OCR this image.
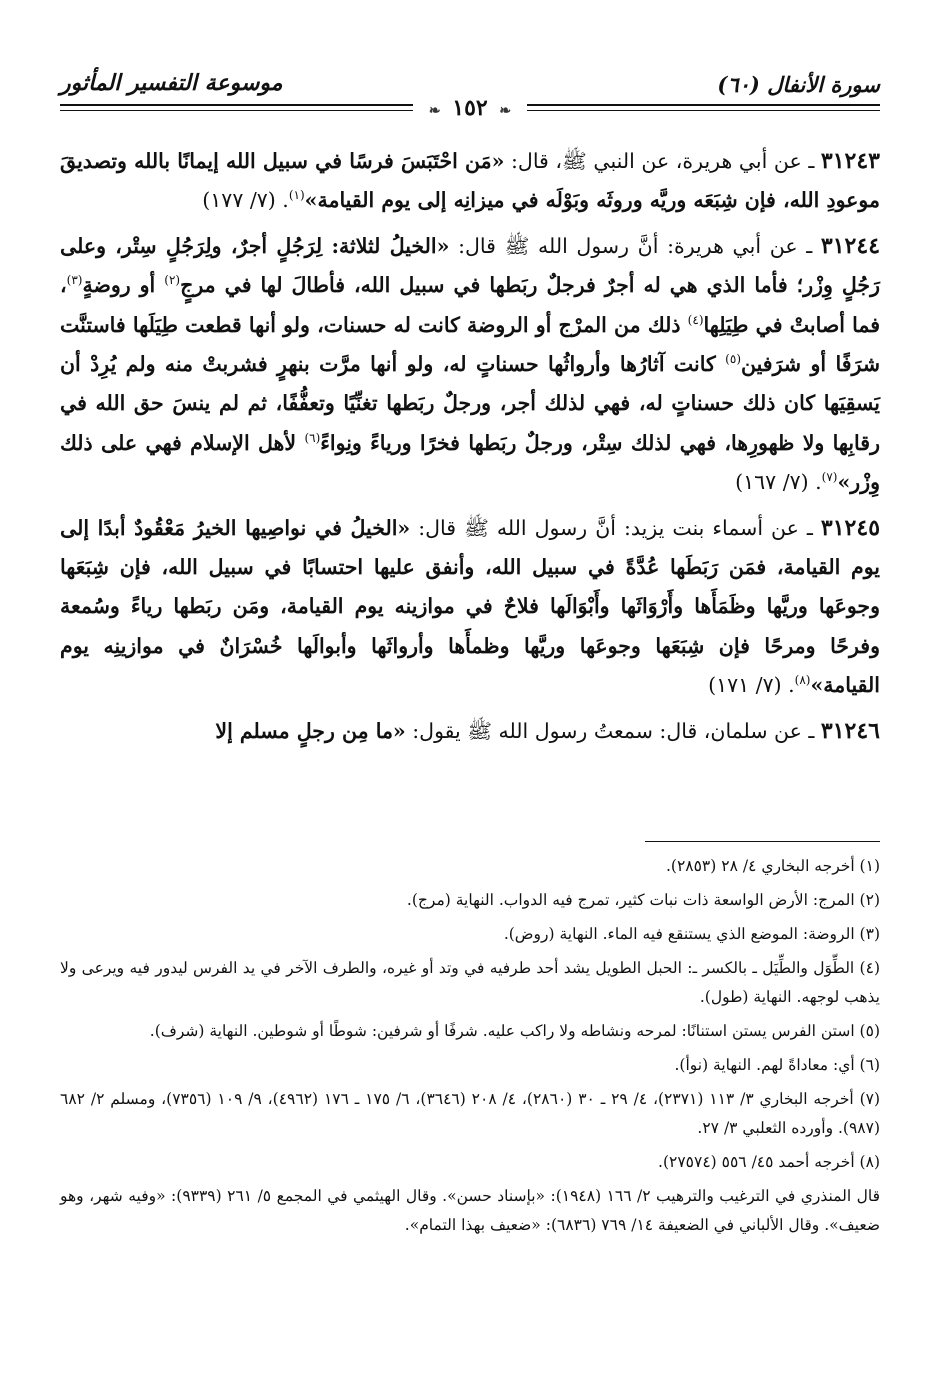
سورة الأنفال (٦٠)
موسوعة التفسير المأثور
❧ ١٥٢ ❧

٣١٢٤٣ ـ عن أبي هريرة، عن النبي ﷺ، قال: «مَن احْتَبَسَ فرسًا في سبيل الله إيمانًا بالله وتصديقَ موعودِ الله، فإن شِبَعَه وريَّه وروثَه وبَوْلَه في ميزانِه إلى يوم القيامة»$^{(١)}$. (٧/ ١٧٧)

٣١٢٤٤ ـ عن أبي هريرة: أنَّ رسول الله ﷺ قال: «الخيلُ لثلاثة: لِرَجُلٍ أجرٌ، ولِرَجُلٍ سِتْر، وعلى رَجُلٍ وِزْر؛ فأما الذي هي له أجرٌ فرجلٌ ربَطها في سبيل الله، فأطالَ لها في مرجٍ$^{(٢)}$ أو روضةٍ$^{(٣)}$، فما أصابتْ في طِيَلِها$^{(٤)}$ ذلك من المرْج أو الروضة كانت له حسنات، ولو أنها قطعت طِيَلَها فاستنَّت شرَفًا أو شرَفين$^{(٥)}$ كانت آثارُها وأرواثُها حسناتٍ له، ولو أنها مرَّت بنهرٍ فشربتْ منه ولم يُرِدْ أن يَسقِيَها كان ذلك حسناتٍ له، فهي لذلك أجر، ورجلٌ ربَطها تغنِّيًا وتعفُّفًا، ثم لم ينسَ حق الله في رقابِها ولا ظهورِها، فهي لذلك سِتْر، ورجلٌ ربَطها فخرًا ورياءً ونِواءً$^{(٦)}$ لأهل الإسلام فهي على ذلك وِزْر»$^{(٧)}$. (٧/ ١٦٧)

٣١٢٤٥ ـ عن أسماء بنت يزيد: أنَّ رسول الله ﷺ قال: «الخيلُ في نواصِيها الخيرُ مَعْقُودٌ أبدًا إلى يوم القيامة، فمَن رَبَطَها عُدَّةً في سبيل الله، وأنفق عليها احتسابًا في سبيل الله، فإن شِبَعَها وجوعَها وريَّها وظَمَأَها وأَرْوَاثَها وأَبْوَالَها فلاحٌ في موازينه يوم القيامة، ومَن ربَطها رياءً وسُمعة وفرحًا ومرحًا فإن شِبَعَها وجوعَها وريَّها وظمأَها وأرواثَها وأبوالَها خُسْرَانٌ في موازينِه يوم القيامة»$^{(٨)}$. (٧/ ١٧١)

٣١٢٤٦ ـ عن سلمان، قال: سمعتُ رسول الله ﷺ يقول: «ما مِن رجلٍ مسلم إلا

(١) أخرجه البخاري ٤/ ٢٨ (٢٨٥٣).

(٢) المرج: الأرض الواسعة ذات نبات كثير، تمرج فيه الدواب. النهاية (مرج).

(٣) الروضة: الموضع الذي يستنقع فيه الماء. النهاية (روض).

(٤) الطِّوَل والطِّيَل ـ بالكسر ـ: الحبل الطويل يشد أحد طرفيه في وتد أو غيره، والطرف الآخر في يد الفرس ليدور فيه ويرعى ولا يذهب لوجهه. النهاية (طول).

(٥) استن الفرس يستن استنانًا: لمرحه ونشاطه ولا راكب عليه. شرفًا أو شرفين: شوطًا أو شوطين. النهاية (شرف).

(٦) أي: معاداةً لهم. النهاية (نوأ).

(٧) أخرجه البخاري ٣/ ١١٣ (٢٣٧١)، ٤/ ٢٩ ـ ٣٠ (٢٨٦٠)، ٤/ ٢٠٨ (٣٦٤٦)، ٦/ ١٧٥ ـ ١٧٦ (٤٩٦٢)، ٩/ ١٠٩ (٧٣٥٦)، ومسلم ٢/ ٦٨٢ (٩٨٧). وأورده الثعلبي ٣/ ٢٧.

(٨) أخرجه أحمد ٤٥/ ٥٥٦ (٢٧٥٧٤).

قال المنذري في الترغيب والترهيب ٢/ ١٦٦ (١٩٤٨): «بإسناد حسن». وقال الهيثمي في المجمع ٥/ ٢٦١ (٩٣٣٩): «وفيه شهر، وهو ضعيف». وقال الألباني في الضعيفة ١٤/ ٧٦٩ (٦٨٣٦): «ضعيف بهذا التمام».
